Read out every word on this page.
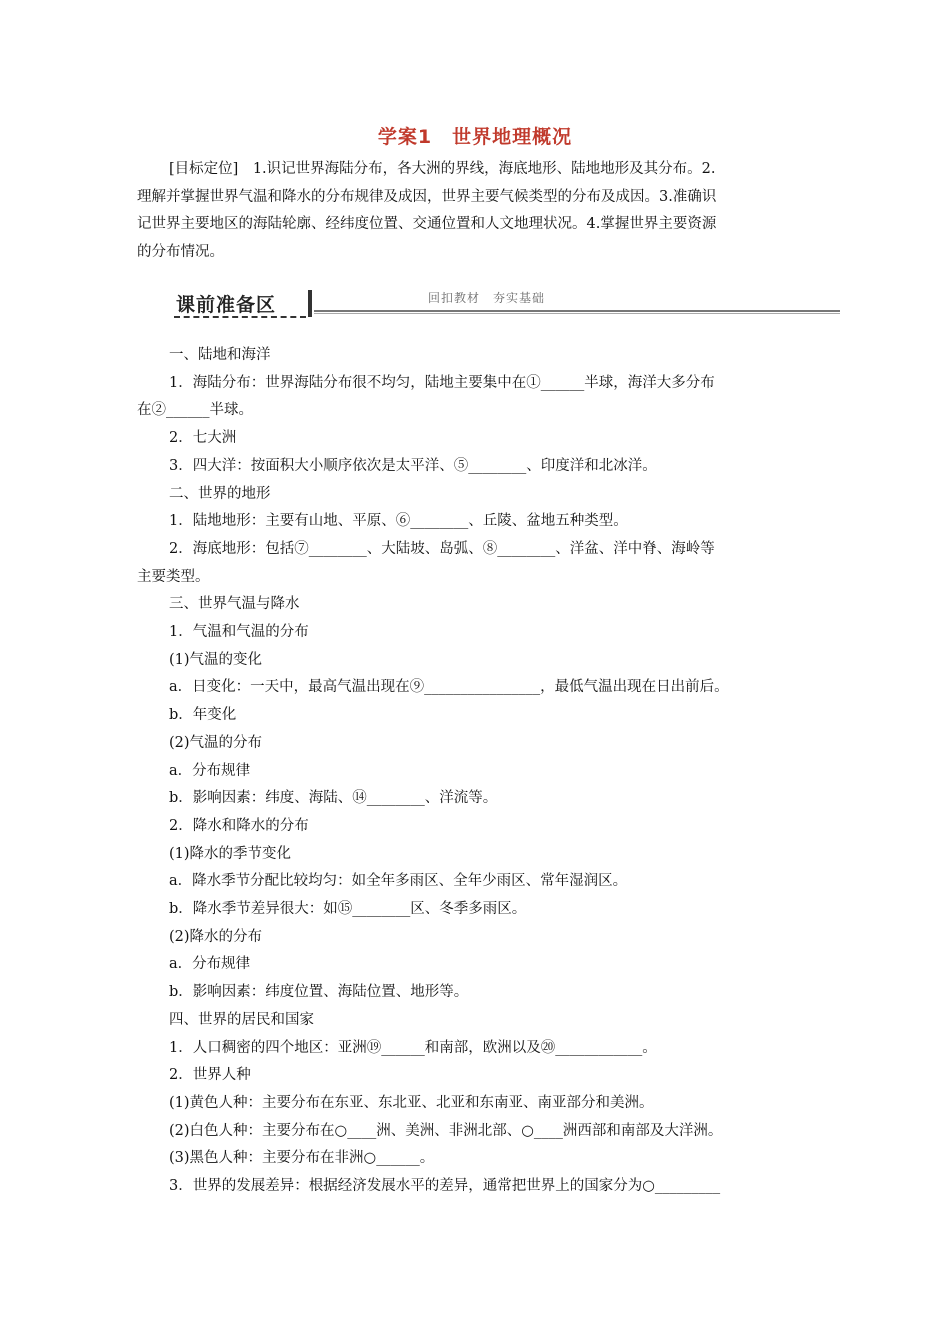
学案1　世界地理概况
[目标定位]　1.识记世界海陆分布，各大洲的界线，海底地形、陆地地形及其分布。2.
理解并掌握世界气温和降水的分布规律及成因，世界主要气候类型的分布及成因。3.准确识
记世界主要地区的海陆轮廓、经纬度位置、交通位置和人文地理状况。4.掌握世界主要资源
的分布情况。
课前准备区	回扣教材　夯实基础
一、陆地和海洋
1．海陆分布：世界海陆分布很不均匀，陆地主要集中在①______半球，海洋大多分布
在②______半球。
2．七大洲
3．四大洋：按面积大小顺序依次是太平洋、⑤________、印度洋和北冰洋。
二、世界的地形
1．陆地地形：主要有山地、平原、⑥________、丘陵、盆地五种类型。
2．海底地形：包括⑦________、大陆坡、岛弧、⑧________、洋盆、洋中脊、海岭等
主要类型。
三、世界气温与降水
1．气温和气温的分布
(1)气温的变化
a．日变化：一天中，最高气温出现在⑨________________，最低气温出现在日出前后。
b．年变化
(2)气温的分布
a．分布规律
b．影响因素：纬度、海陆、⑭________、洋流等。
2．降水和降水的分布
(1)降水的季节变化
a．降水季节分配比较均匀：如全年多雨区、全年少雨区、常年湿润区。
b．降水季节差异很大：如⑮________区、冬季多雨区。
(2)降水的分布
a．分布规律
b．影响因素：纬度位置、海陆位置、地形等。
四、世界的居民和国家
1．人口稠密的四个地区：亚洲⑲______和南部，欧洲以及⑳____________。
2．世界人种
(1)黄色人种：主要分布在东亚、东北亚、北亚和东南亚、南亚部分和美洲。
(2)白色人种：主要分布在○____洲、美洲、非洲北部、○____洲西部和南部及大洋洲。
(3)黑色人种：主要分布在非洲○______。
3．世界的发展差异：根据经济发展水平的差异，通常把世界上的国家分为○_________
